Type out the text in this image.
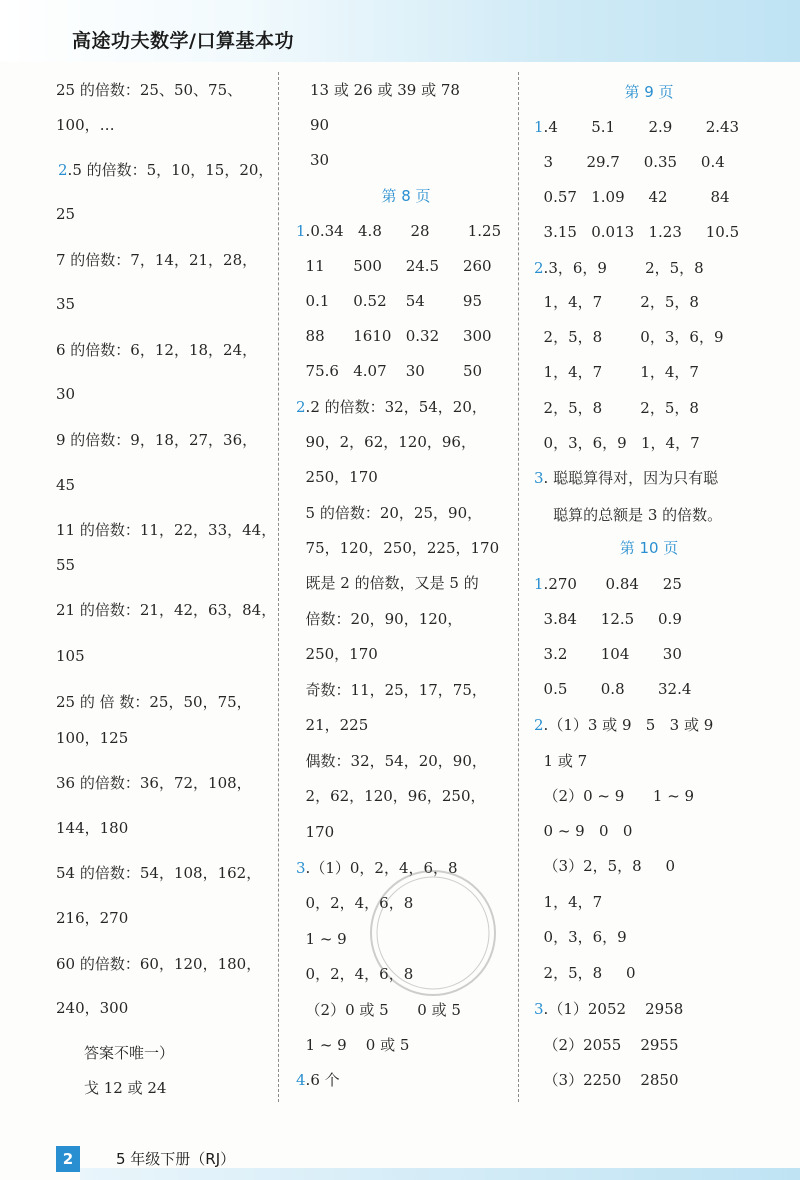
高途功夫数学/口算基本功
25 的倍数：25、50、75、
100，…
2.5 的倍数：5，10，15，20，
25
7 的倍数：7，14，21，28，
35
6 的倍数：6，12，18，24，
30
9 的倍数：9，18，27，36，
45
11 的倍数：11，22，33，44，
55
21 的倍数：21，42，63，84，
105
25 的 倍 数：25，50，75，
100，125
36 的倍数：36，72，108，
144，180
54 的倍数：54，108，162，
216，270
60 的倍数：60，120，180，
240，300
答案不唯一）
戈 12 或 24
13 或 26 或 39 或 78
90
30
第 8 页
1.0.34   4.8      28        1.25
11      500     24.5     260
0.1     0.52    54        95
88      1610   0.32     300
75.6   4.07    30        50
2.2 的倍数：32，54，20，
90，2，62，120，96，
250，170
5 的倍数：20，25，90，
75，120，250，225，170
既是 2 的倍数，又是 5 的
倍数：20，90，120，
250，170
奇数：11，25，17，75，
21，225
偶数：32，54，20，90，
2，62，120，96，250，
170
3.（1）0，2，4，6，8
0，2，4，6，8
1 ~ 9
0，2，4，6，8
（2）0 或 5      0 或 5
1 ~ 9    0 或 5
4.6 个
第 9 页
1.4       5.1       2.9       2.43
3       29.7     0.35     0.4
0.57   1.09     42         84
3.15   0.013   1.23     10.5
2.3，6，9        2，5，8
1，4，7        2，5，8
2，5，8        0，3，6，9
1，4，7        1，4，7
2，5，8        2，5，8
0，3，6，9   1，4，7
3. 聪聪算得对，因为只有聪
聪算的总额是 3 的倍数。
第 10 页
1.270      0.84     25
3.84     12.5     0.9
3.2       104       30
0.5       0.8       32.4
2.（1）3 或 9   5   3 或 9
1 或 7
（2）0 ~ 9      1 ~ 9
0 ~ 9   0   0
（3）2，5，8     0
1，4，7
0，3，6，9
2，5，8     0
3.（1）2052    2958
（2）2055    2955
（3）2250    2850
2	5 年级下册（RJ）
